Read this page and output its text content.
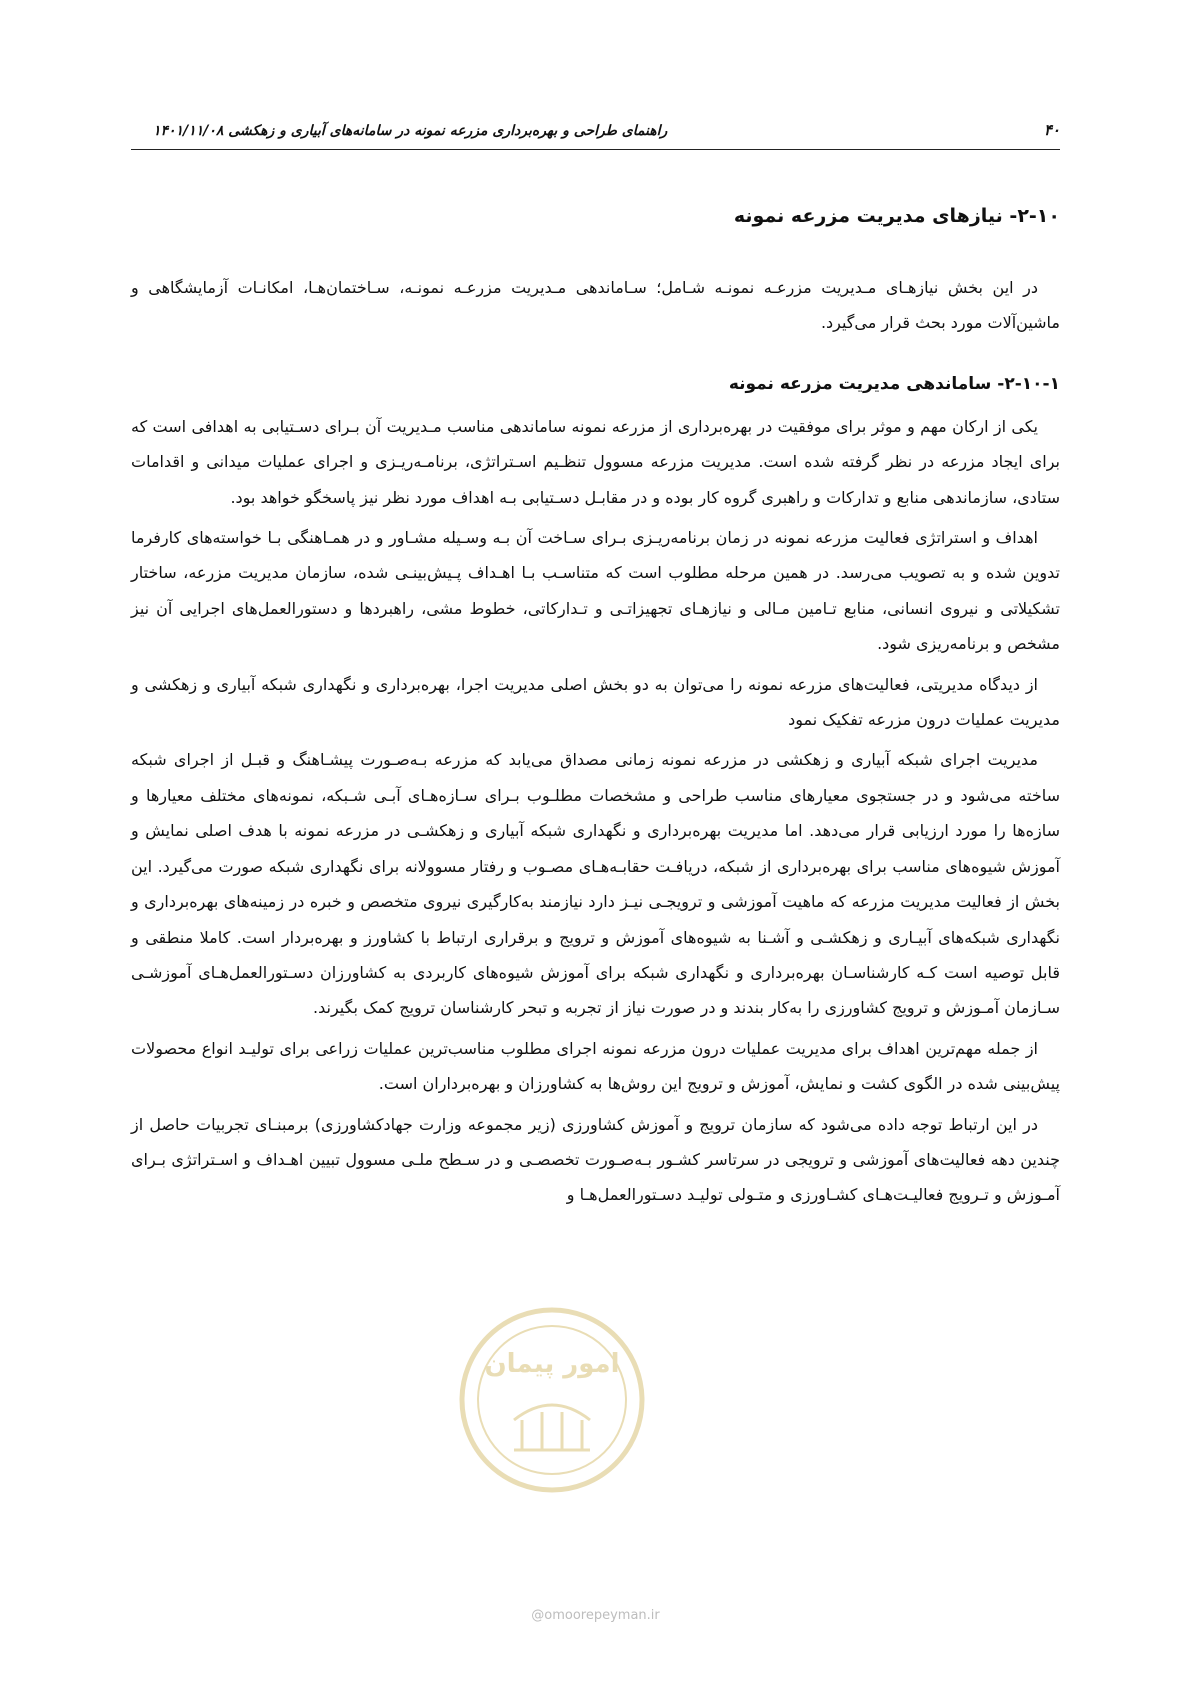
۴۰
راهنمای طراحی و بهره‌برداری مزرعه نمونه در سامانه‌های آبیاری و زهکشی ۱۴۰۱/۱۱/۰۸
۲-۱۰- نیازهای مدیریت مزرعه نمونه

در این بخش نیازهـای مـدیریت مزرعـه نمونـه شـامل؛ سـاماندهی مـدیریت مزرعـه نمونـه، سـاختمان‌هـا، امکانـات آزمایشگاهی و ماشین‌آلات مورد بحث قرار می‌گیرد.

۲-۱۰-۱- ساماندهی مدیریت مزرعه نمونه

یکی از ارکان مهم و موثر برای موفقیت در بهره‌برداری از مزرعه نمونه ساماندهی مناسب مـدیریت آن بـرای دسـتیابی به اهدافی است که برای ایجاد مزرعه در نظر گرفته شده است. مدیریت مزرعه مسوول تنظـیم اسـتراتژی، برنامـه‌ریـزی و اجرای عملیات میدانی و اقدامات ستادی، سازماندهی منابع و تدارکات و راهبری گروه کار بوده و در مقابـل دسـتیابی بـه اهداف مورد نظر نیز پاسخگو خواهد بود.

اهداف و استراتژی فعالیت مزرعه نمونه در زمان برنامه‌ریـزی بـرای سـاخت آن بـه وسـیله مشـاور و در همـاهنگی بـا خواسته‌های کارفرما تدوین شده و به تصویب می‌رسد. در همین مرحله مطلوب است که متناسـب بـا اهـداف پـیش‌بینـی شده، سازمان مدیریت مزرعه، ساختار تشکیلاتی و نیروی انسانی، منابع تـامین مـالی و نیازهـای تجهیزاتـی و تـدارکاتی، خطوط مشی، راهبردها و دستورالعمل‌های اجرایی آن نیز مشخص و برنامه‌ریزی شود.

از دیدگاه مدیریتی، فعالیت‌های مزرعه نمونه را می‌توان به دو بخش اصلی مدیریت اجرا، بهره‌برداری و نگهداری شبکه آبیاری و زهکشی و مدیریت عملیات درون مزرعه تفکیک نمود

مدیریت اجرای شبکه آبیاری و زهکشی در مزرعه نمونه زمانی مصداق می‌یابد که مزرعه بـه‌صـورت پیشـاهنگ و قبـل از اجرای شبکه ساخته می‌شود و در جستجوی معیارهای مناسب طراحی و مشخصات مطلـوب بـرای سـازه‌هـای آبـی شـبکه، نمونه‌های مختلف معیارها و سازه‌ها را مورد ارزیابی قرار می‌دهد. اما مدیریت بهره‌برداری و نگهداری شبکه آبیاری و زهکشـی در مزرعه نمونه با هدف اصلی نمایش و آموزش شیوه‌های مناسب برای بهره‌برداری از شبکه، دریافـت حقابـه‌هـای مصـوب و رفتار مسوولانه برای نگهداری شبکه صورت می‌گیرد. این بخش از فعالیت مدیریت مزرعه که ماهیت آموزشی و ترویجـی نیـز دارد نیازمند به‌کارگیری نیروی متخصص و خبره در زمینه‌های بهره‌برداری و نگهداری شبکه‌های آبیـاری و زهکشـی و آشـنا به شیوه‌های آموزش و ترویج و برقراری ارتباط با کشاورز و بهره‌بردار است. کاملا منطقی و قابل توصیه است کـه کارشناسـان بهره‌برداری و نگهداری شبکه برای آموزش شیوه‌های کاربردی به کشاورزان دسـتورالعمل‌هـای آموزشـی سـازمان آمـوزش و ترویج کشاورزی را به‌کار بندند و در صورت نیاز از تجربه و تبحر کارشناسان ترویج کمک بگیرند.

از جمله مهم‌ترین اهداف برای مدیریت عملیات درون مزرعه نمونه اجرای مطلوب مناسب‌ترین عملیات زراعی برای تولیـد انواع محصولات پیش‌بینی شده در الگوی کشت و نمایش، آموزش و ترویج این روش‌ها به کشاورزان و بهره‌برداران است.

در این ارتباط توجه داده می‌شود که سازمان ترویج و آموزش کشاورزی (زیر مجموعه وزارت جهادکشاورزی) برمبنـای تجربیات حاصل از چندین دهه فعالیت‌های آموزشی و ترویجی در سرتاسر کشـور بـه‌صـورت تخصصـی و در سـطح ملـی مسوول تبیین اهـداف و اسـتراتژی بـرای آمـوزش و تـرویج فعالیـت‌هـای کشـاورزی و متـولی تولیـد دسـتورالعمل‌هـا و

امور پیمان
@omoorepeyman.ir
